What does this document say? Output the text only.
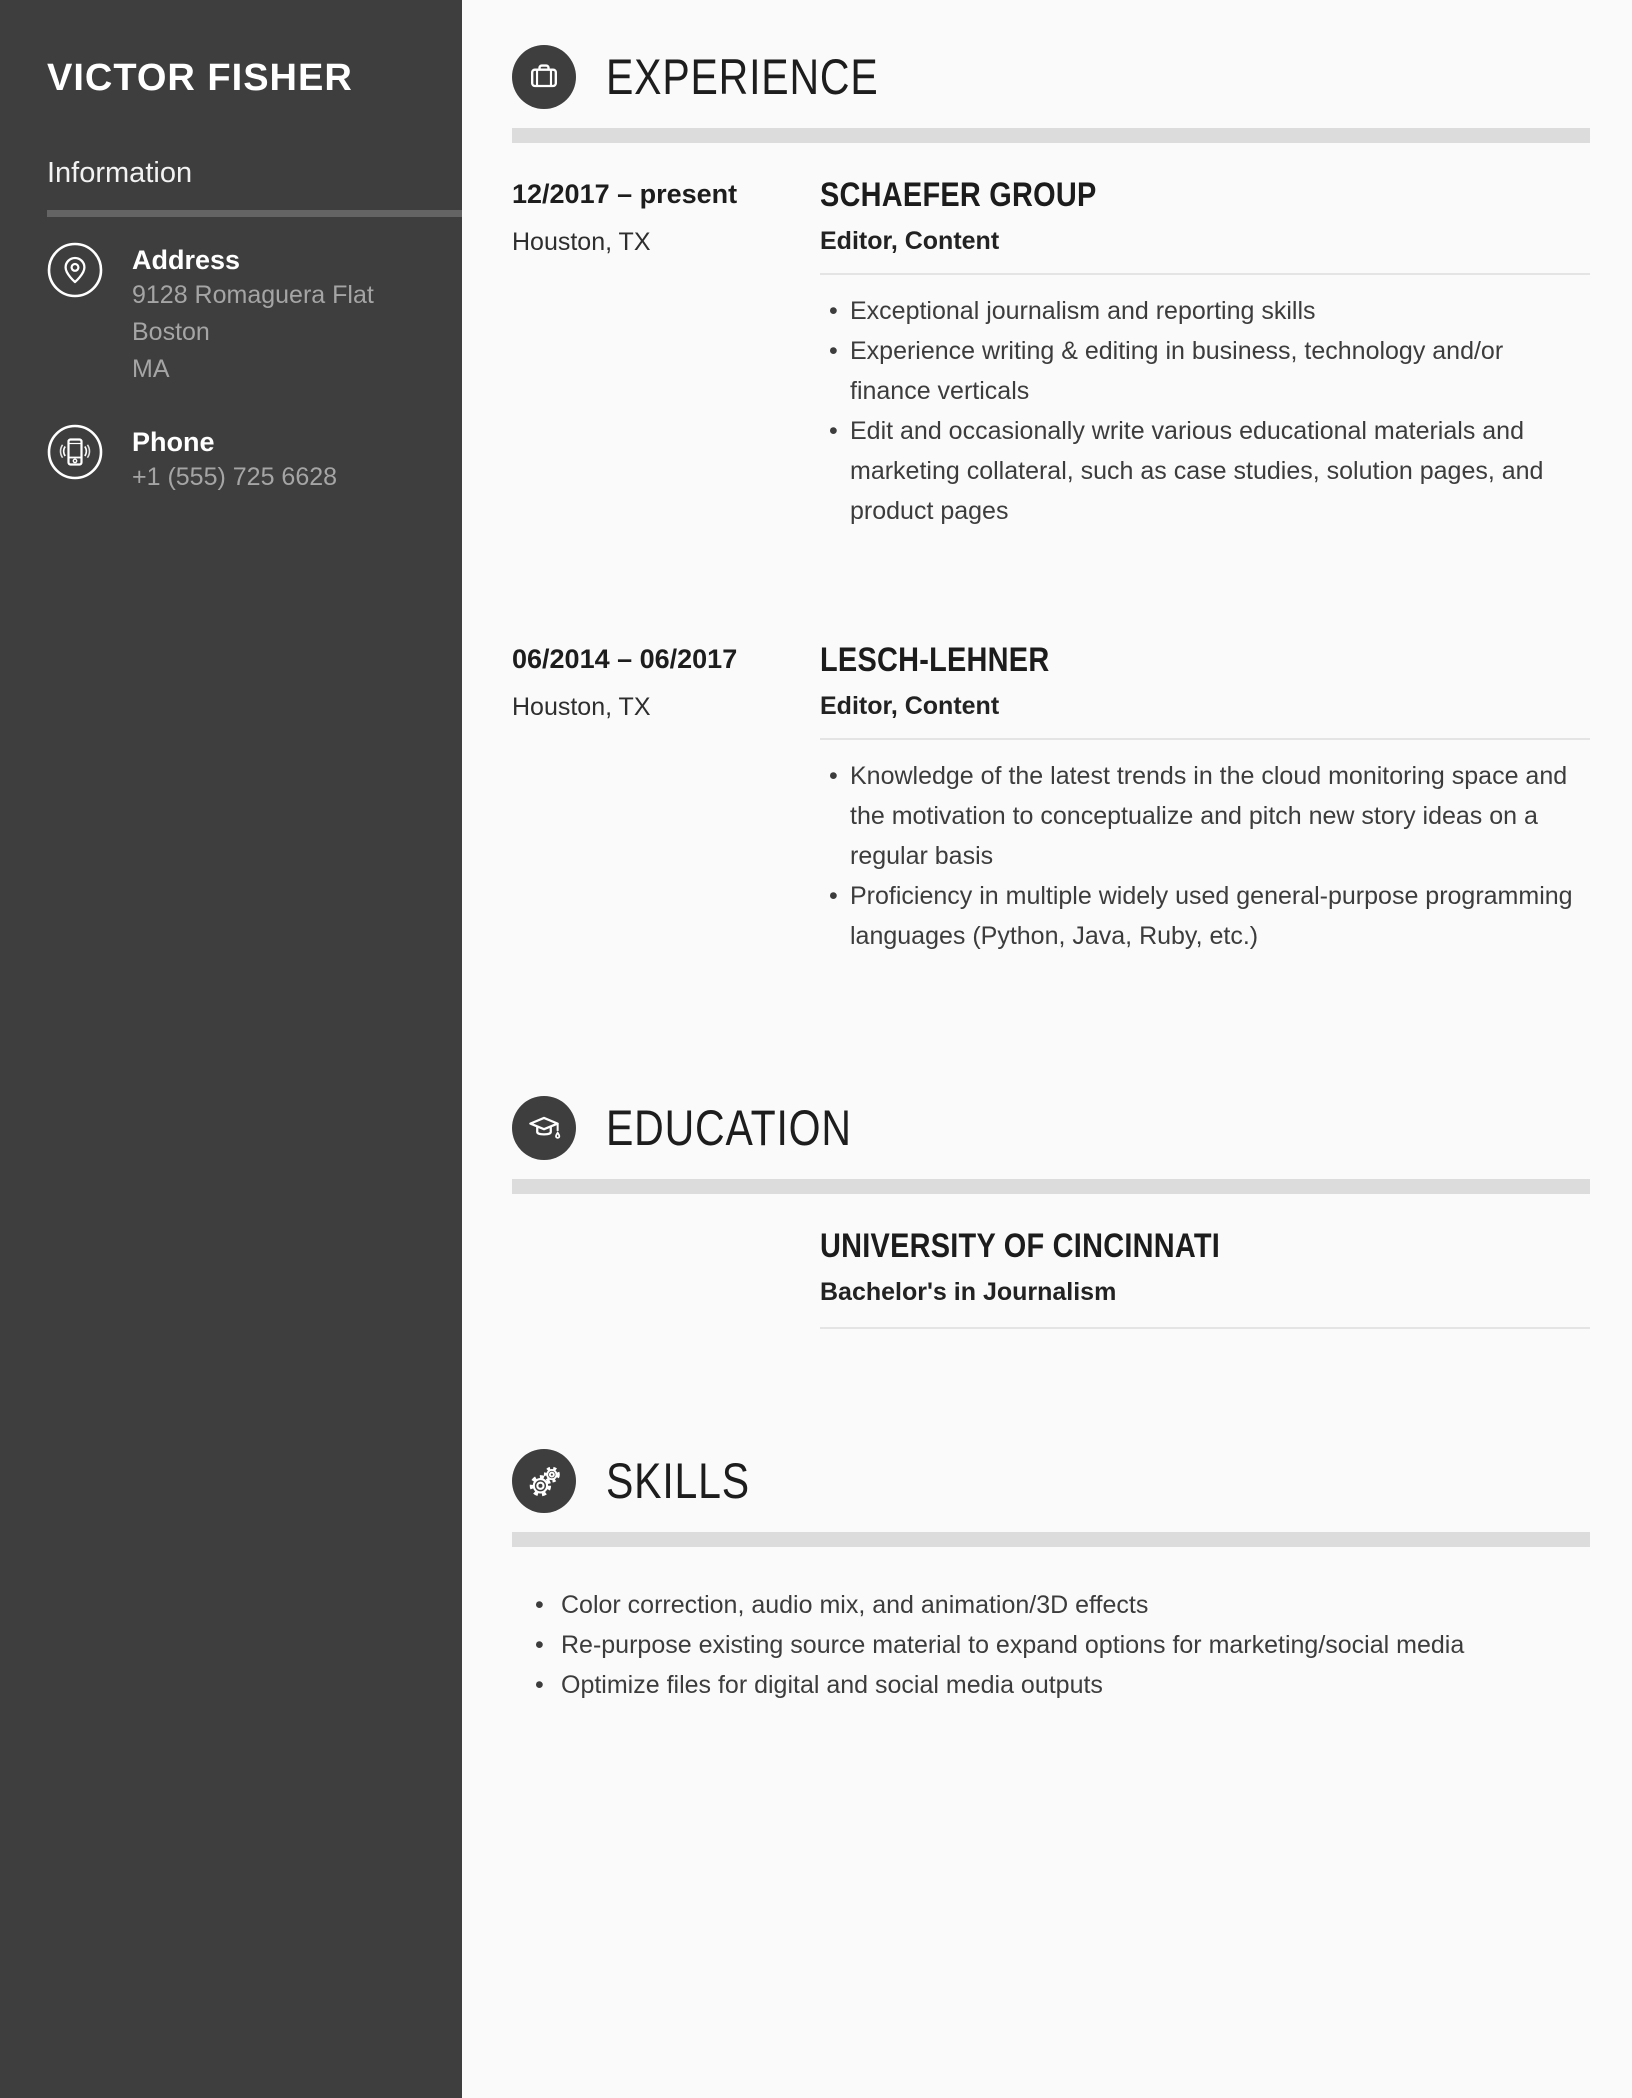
VICTOR FISHER
Information
Address
9128 Romaguera Flat
Boston
MA
Phone
+1 (555) 725 6628
EXPERIENCE
12/2017 – present
Houston, TX
SCHAEFER GROUP
Editor, Content
• Exceptional journalism and reporting skills
• Experience writing & editing in business, technology and/or finance verticals
• Edit and occasionally write various educational materials and marketing collateral, such as case studies, solution pages, and product pages
06/2014 – 06/2017
Houston, TX
LESCH-LEHNER
Editor, Content
• Knowledge of the latest trends in the cloud monitoring space and the motivation to conceptualize and pitch new story ideas on a regular basis
• Proficiency in multiple widely used general-purpose programming languages (Python, Java, Ruby, etc.)
EDUCATION
UNIVERSITY OF CINCINNATI
Bachelor's in Journalism
SKILLS
• Color correction, audio mix, and animation/3D effects
• Re-purpose existing source material to expand options for marketing/social media
• Optimize files for digital and social media outputs
